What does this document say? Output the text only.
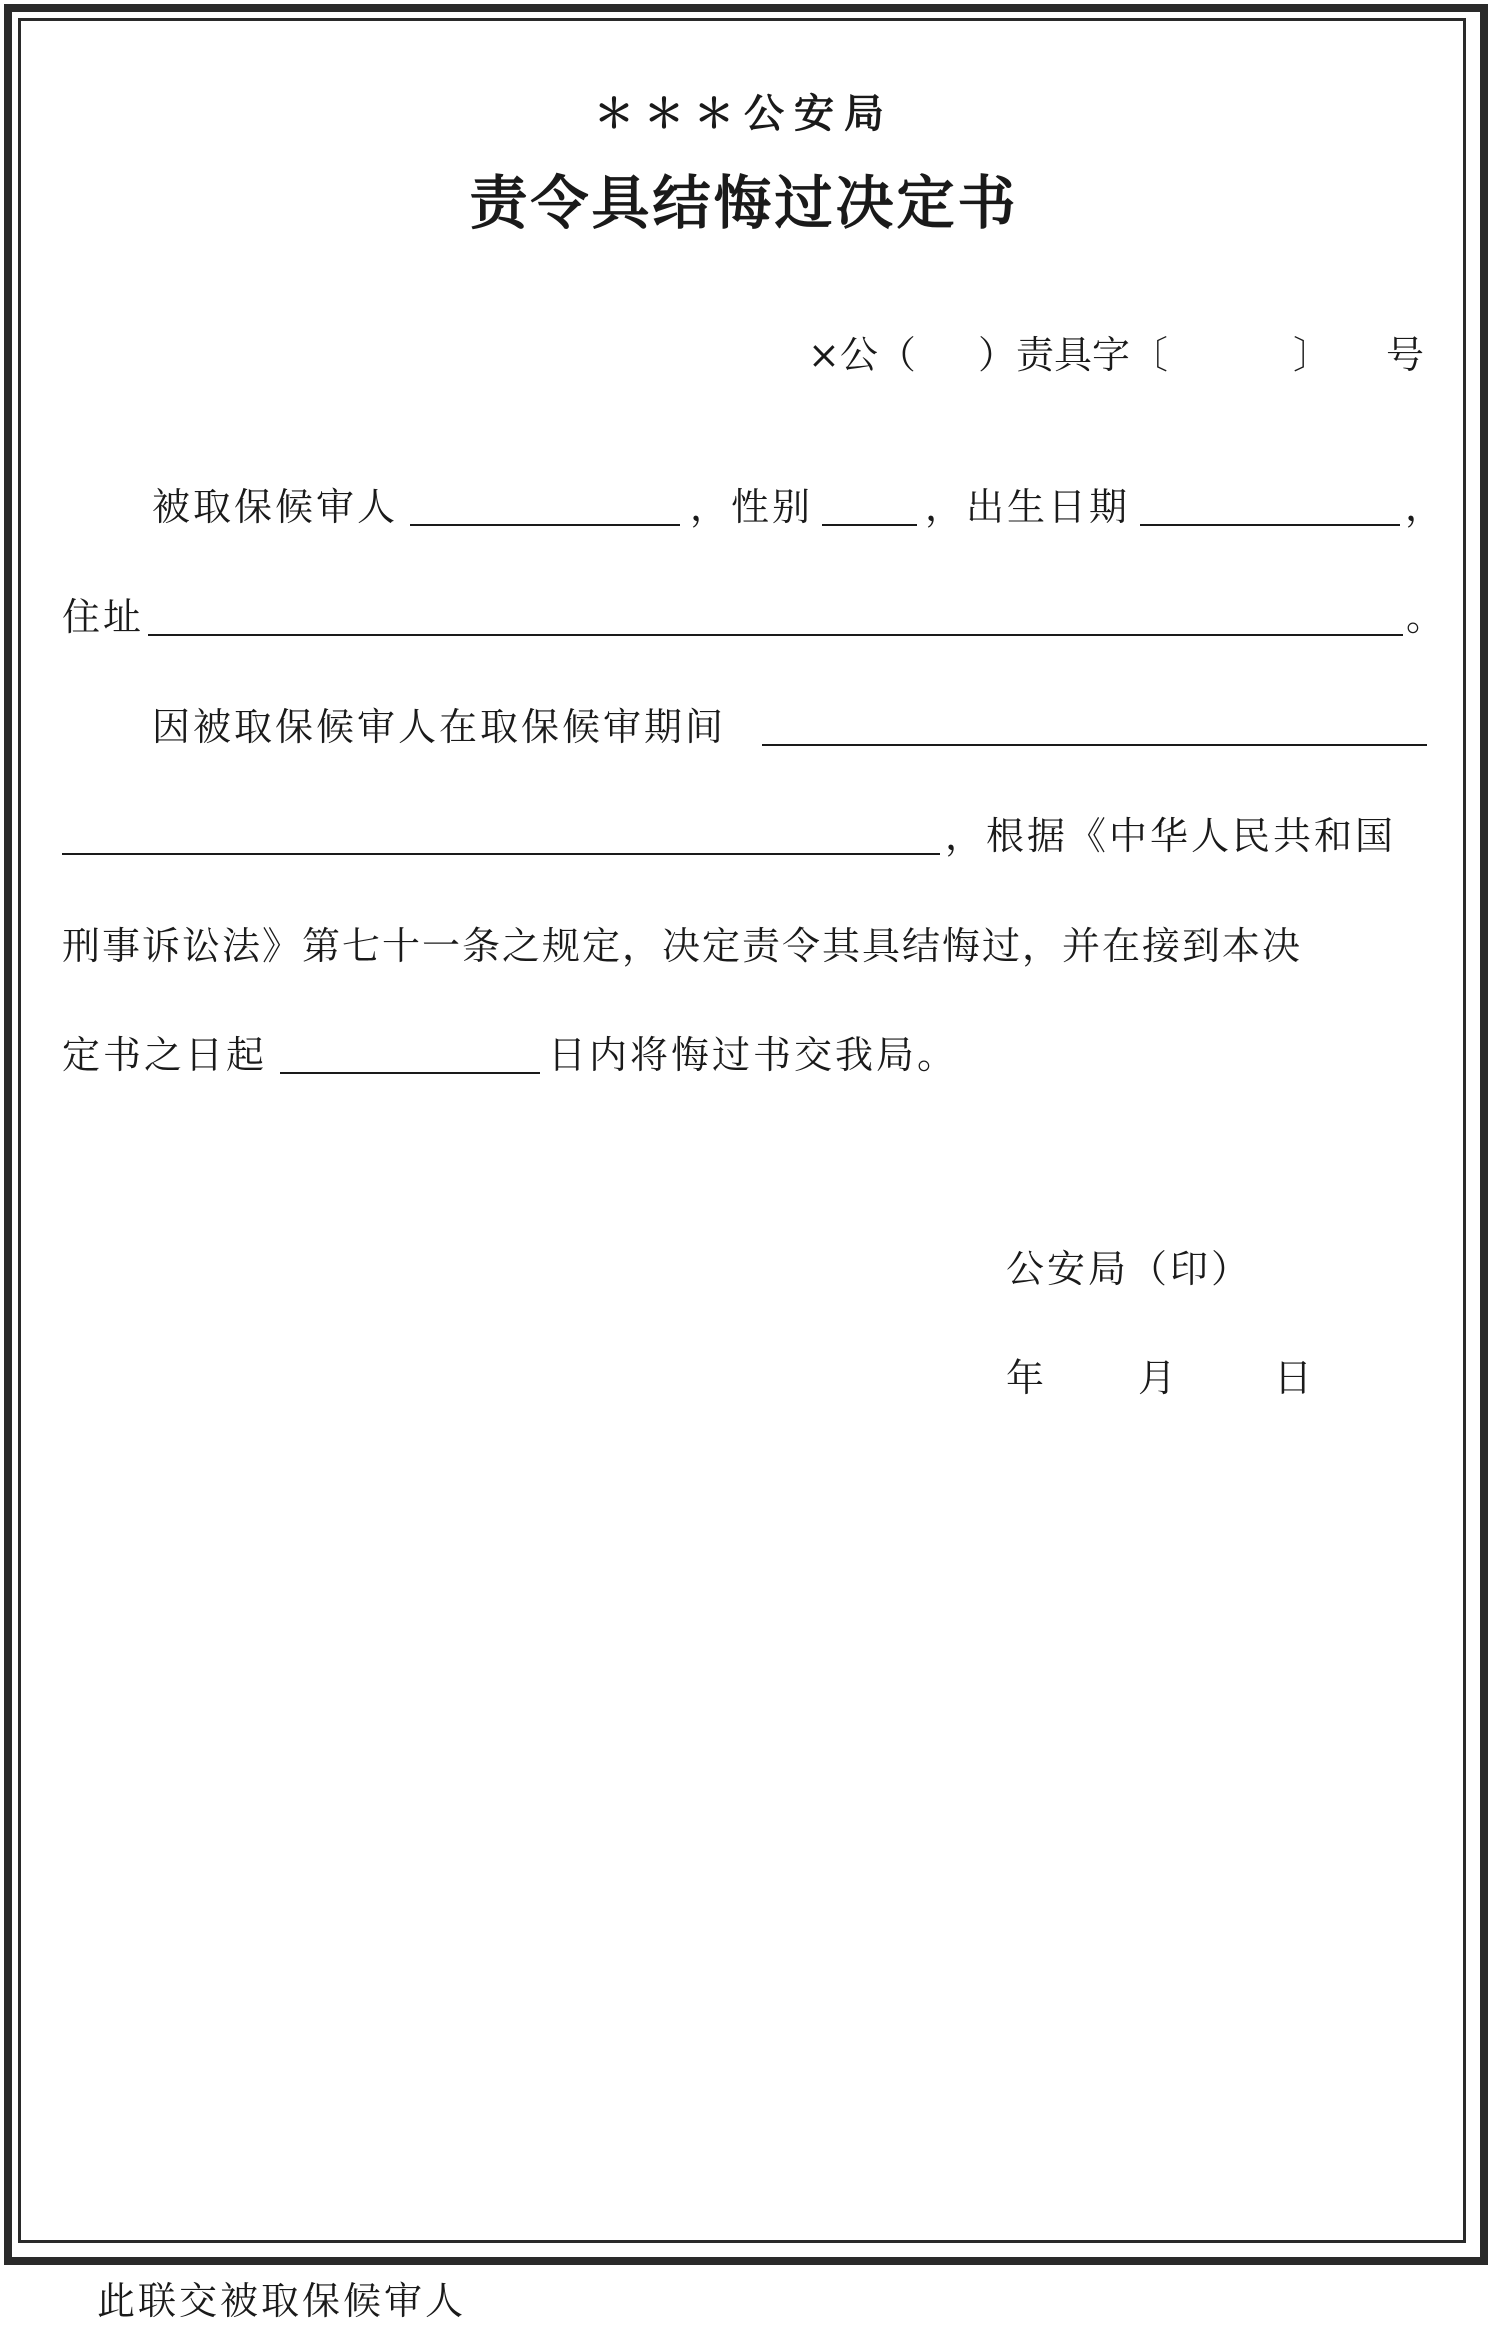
＊＊＊公安局
责令具结悔过决定书
×公（ ）责具字〔	〕 号
被取保候审人	，性别	，出生日期	，
住址	。
因被取保候审人在取保候审期间
，根据《中华人民共和国
刑事诉讼法》第七十一条之规定，决定责令其具结悔过，并在接到本决
定书之日起	日内将悔过书交我局。
公安局（印）
年 月	日
此联交被取保候审人
